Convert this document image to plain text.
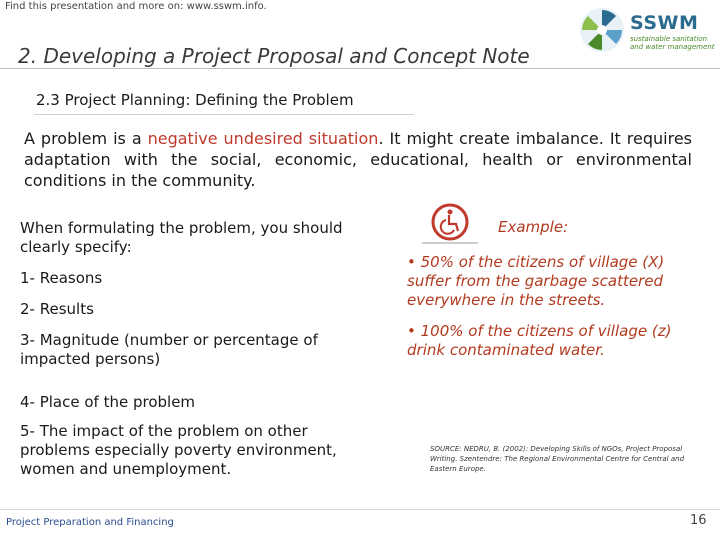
Find this presentation and more on: www.sswm.info.
SSWM
sustainable sanitation and water management
2. Developing a Project Proposal and Concept Note
2.3 Project Planning: Defining the Problem
A problem is a negative undesired situation. It might create imbalance. It requires adaptation with the social, economic, educational, health or environmental conditions in the community.

When formulating the problem, you should clearly specify:

1- Reasons

2- Results

3- Magnitude (number or percentage of impacted persons)

4- Place of the problem

5- The impact of the problem on other problems especially poverty environment, women and unemployment.

Example:

• 50% of the citizens of village (X) suffer from the garbage scattered everywhere in the streets.

• 100% of the citizens of village (z) drink contaminated water.

SOURCE: NEDRU, B. (2002): Developing Skills of NGOs, Project Proposal Writing. Szentendre: The Regional Environmental Centre for Central and Eastern Europe.
Project Preparation and Financing	16
